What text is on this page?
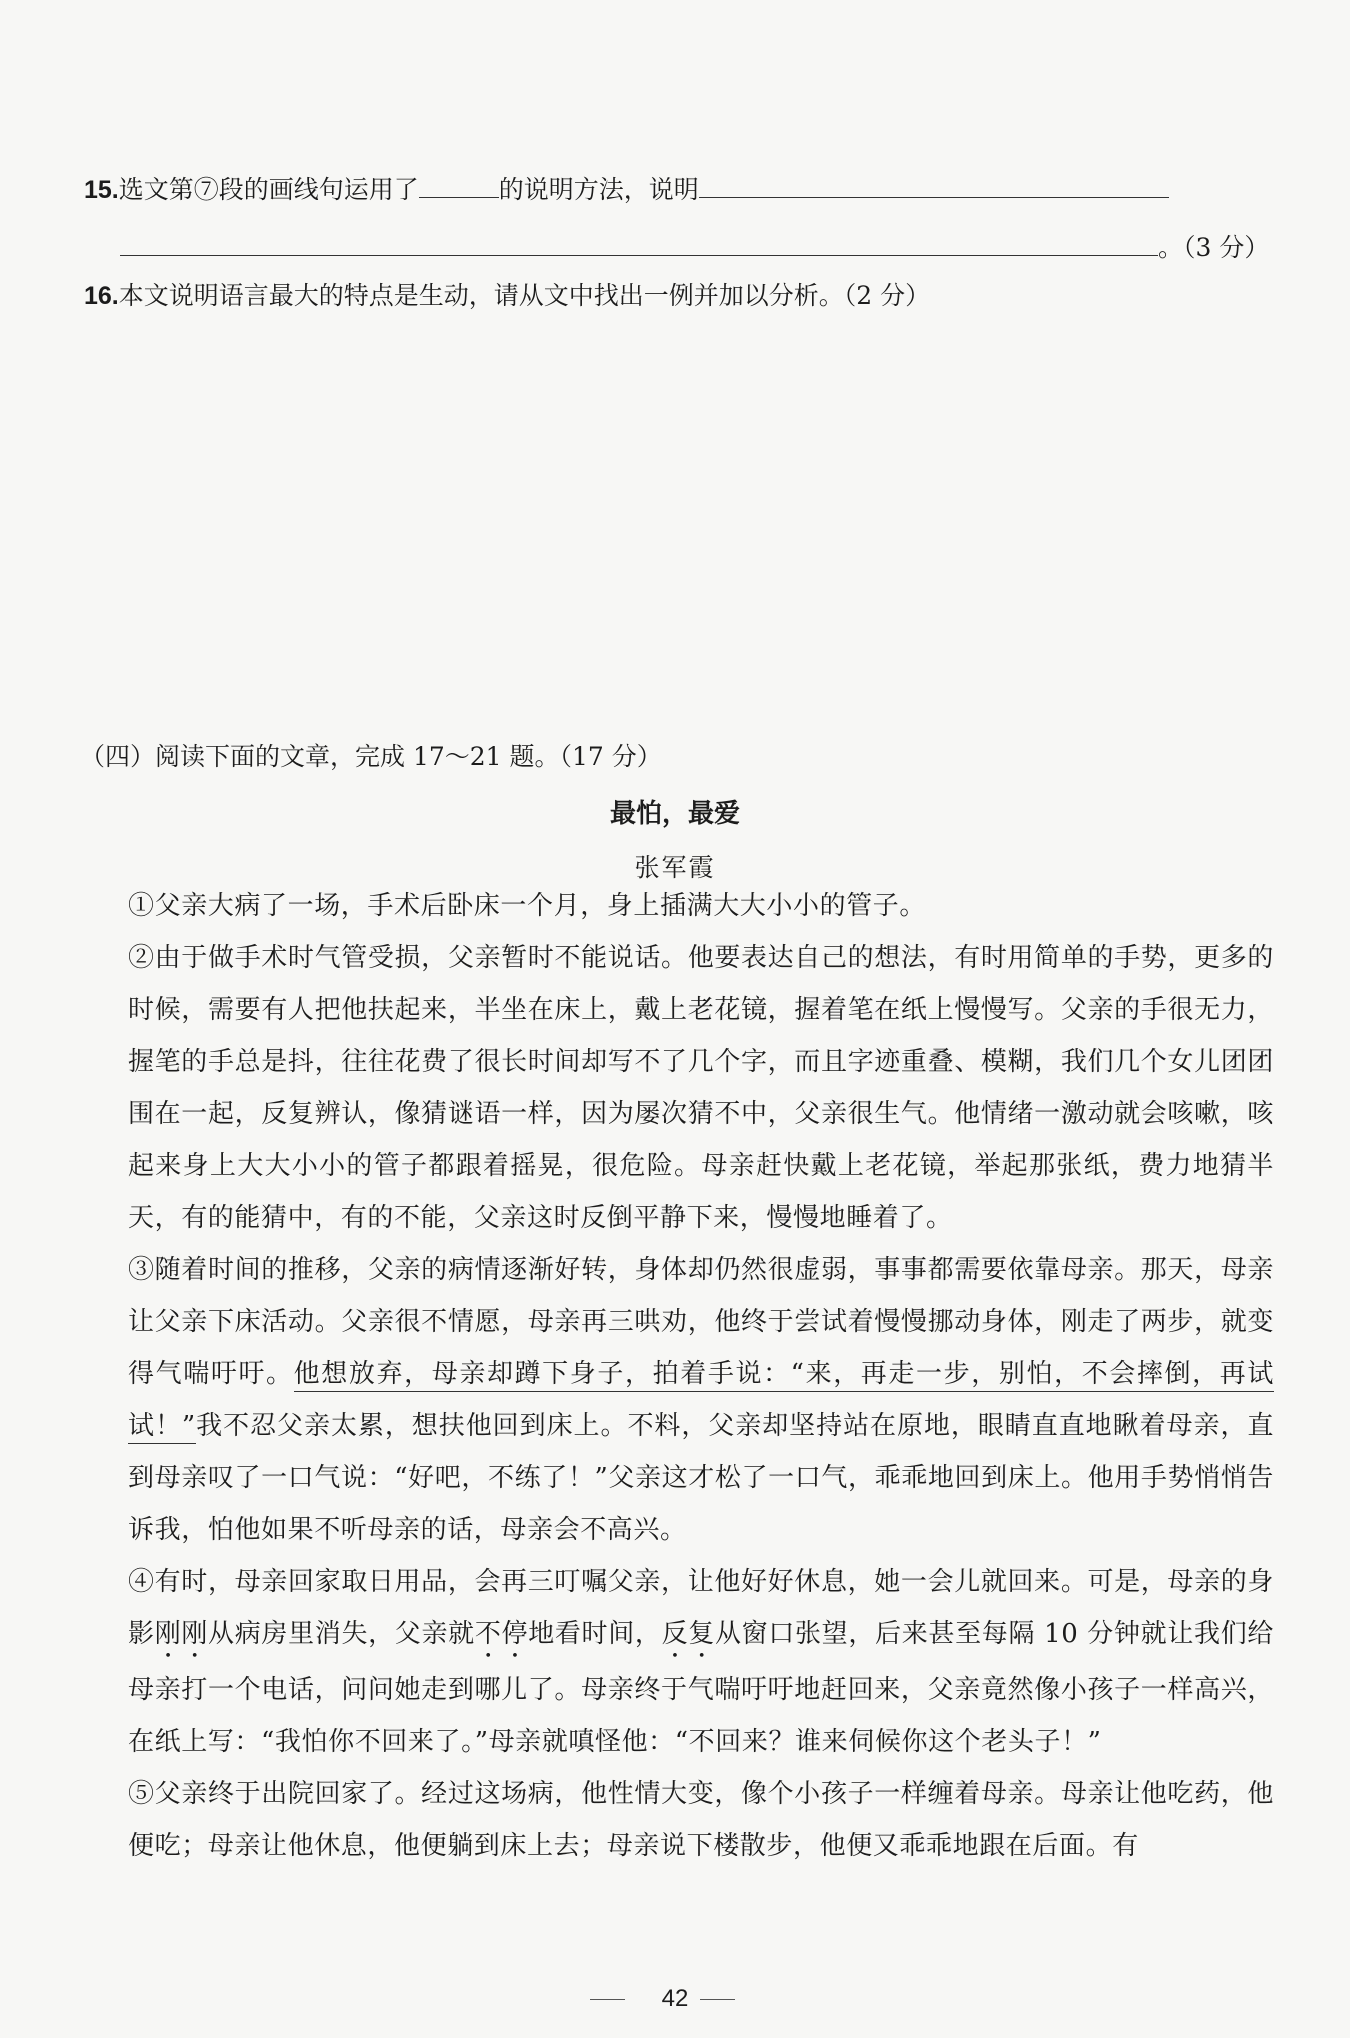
15.选文第⑦段的画线句运用了	的说明方法，说明
。（3 分）
16.本文说明语言最大的特点是生动，请从文中找出一例并加以分析。（2 分）
（四）阅读下面的文章，完成 17～21 题。（17 分）
最怕，最爱
张军霞
①父亲大病了一场，手术后卧床一个月，身上插满大大小小的管子。
②由于做手术时气管受损，父亲暂时不能说话。他要表达自己的想法，有时用简单的手势，更多的时候，需要有人把他扶起来，半坐在床上，戴上老花镜，握着笔在纸上慢慢写。父亲的手很无力，握笔的手总是抖，往往花费了很长时间却写不了几个字，而且字迹重叠、模糊，我们几个女儿团团围在一起，反复辨认，像猜谜语一样，因为屡次猜不中，父亲很生气。他情绪一激动就会咳嗽，咳起来身上大大小小的管子都跟着摇晃，很危险。母亲赶快戴上老花镜，举起那张纸，费力地猜半天，有的能猜中，有的不能，父亲这时反倒平静下来，慢慢地睡着了。
③随着时间的推移，父亲的病情逐渐好转，身体却仍然很虚弱，事事都需要依靠母亲。那天，母亲让父亲下床活动。父亲很不情愿，母亲再三哄劝，他终于尝试着慢慢挪动身体，刚走了两步，就变得气喘吁吁。他想放弃，母亲却蹲下身子，拍着手说：“来，再走一步，别怕，不会摔倒，再试试！”我不忍父亲太累，想扶他回到床上。不料，父亲却坚持站在原地，眼睛直直地瞅着母亲，直到母亲叹了一口气说：“好吧，不练了！”父亲这才松了一口气，乖乖地回到床上。他用手势悄悄告诉我，怕他如果不听母亲的话，母亲会不高兴。
④有时，母亲回家取日用品，会再三叮嘱父亲，让他好好休息，她一会儿就回来。可是，母亲的身影刚刚从病房里消失，父亲就不停地看时间，反复从窗口张望，后来甚至每隔 10 分钟就让我们给母亲打一个电话，问问她走到哪儿了。母亲终于气喘吁吁地赶回来，父亲竟然像小孩子一样高兴，在纸上写：“我怕你不回来了。”母亲就嗔怪他：“不回来？谁来伺候你这个老头子！”
⑤父亲终于出院回家了。经过这场病，他性情大变，像个小孩子一样缠着母亲。母亲让他吃药，他便吃；母亲让他休息，他便躺到床上去；母亲说下楼散步，他便又乖乖地跟在后面。有
42
